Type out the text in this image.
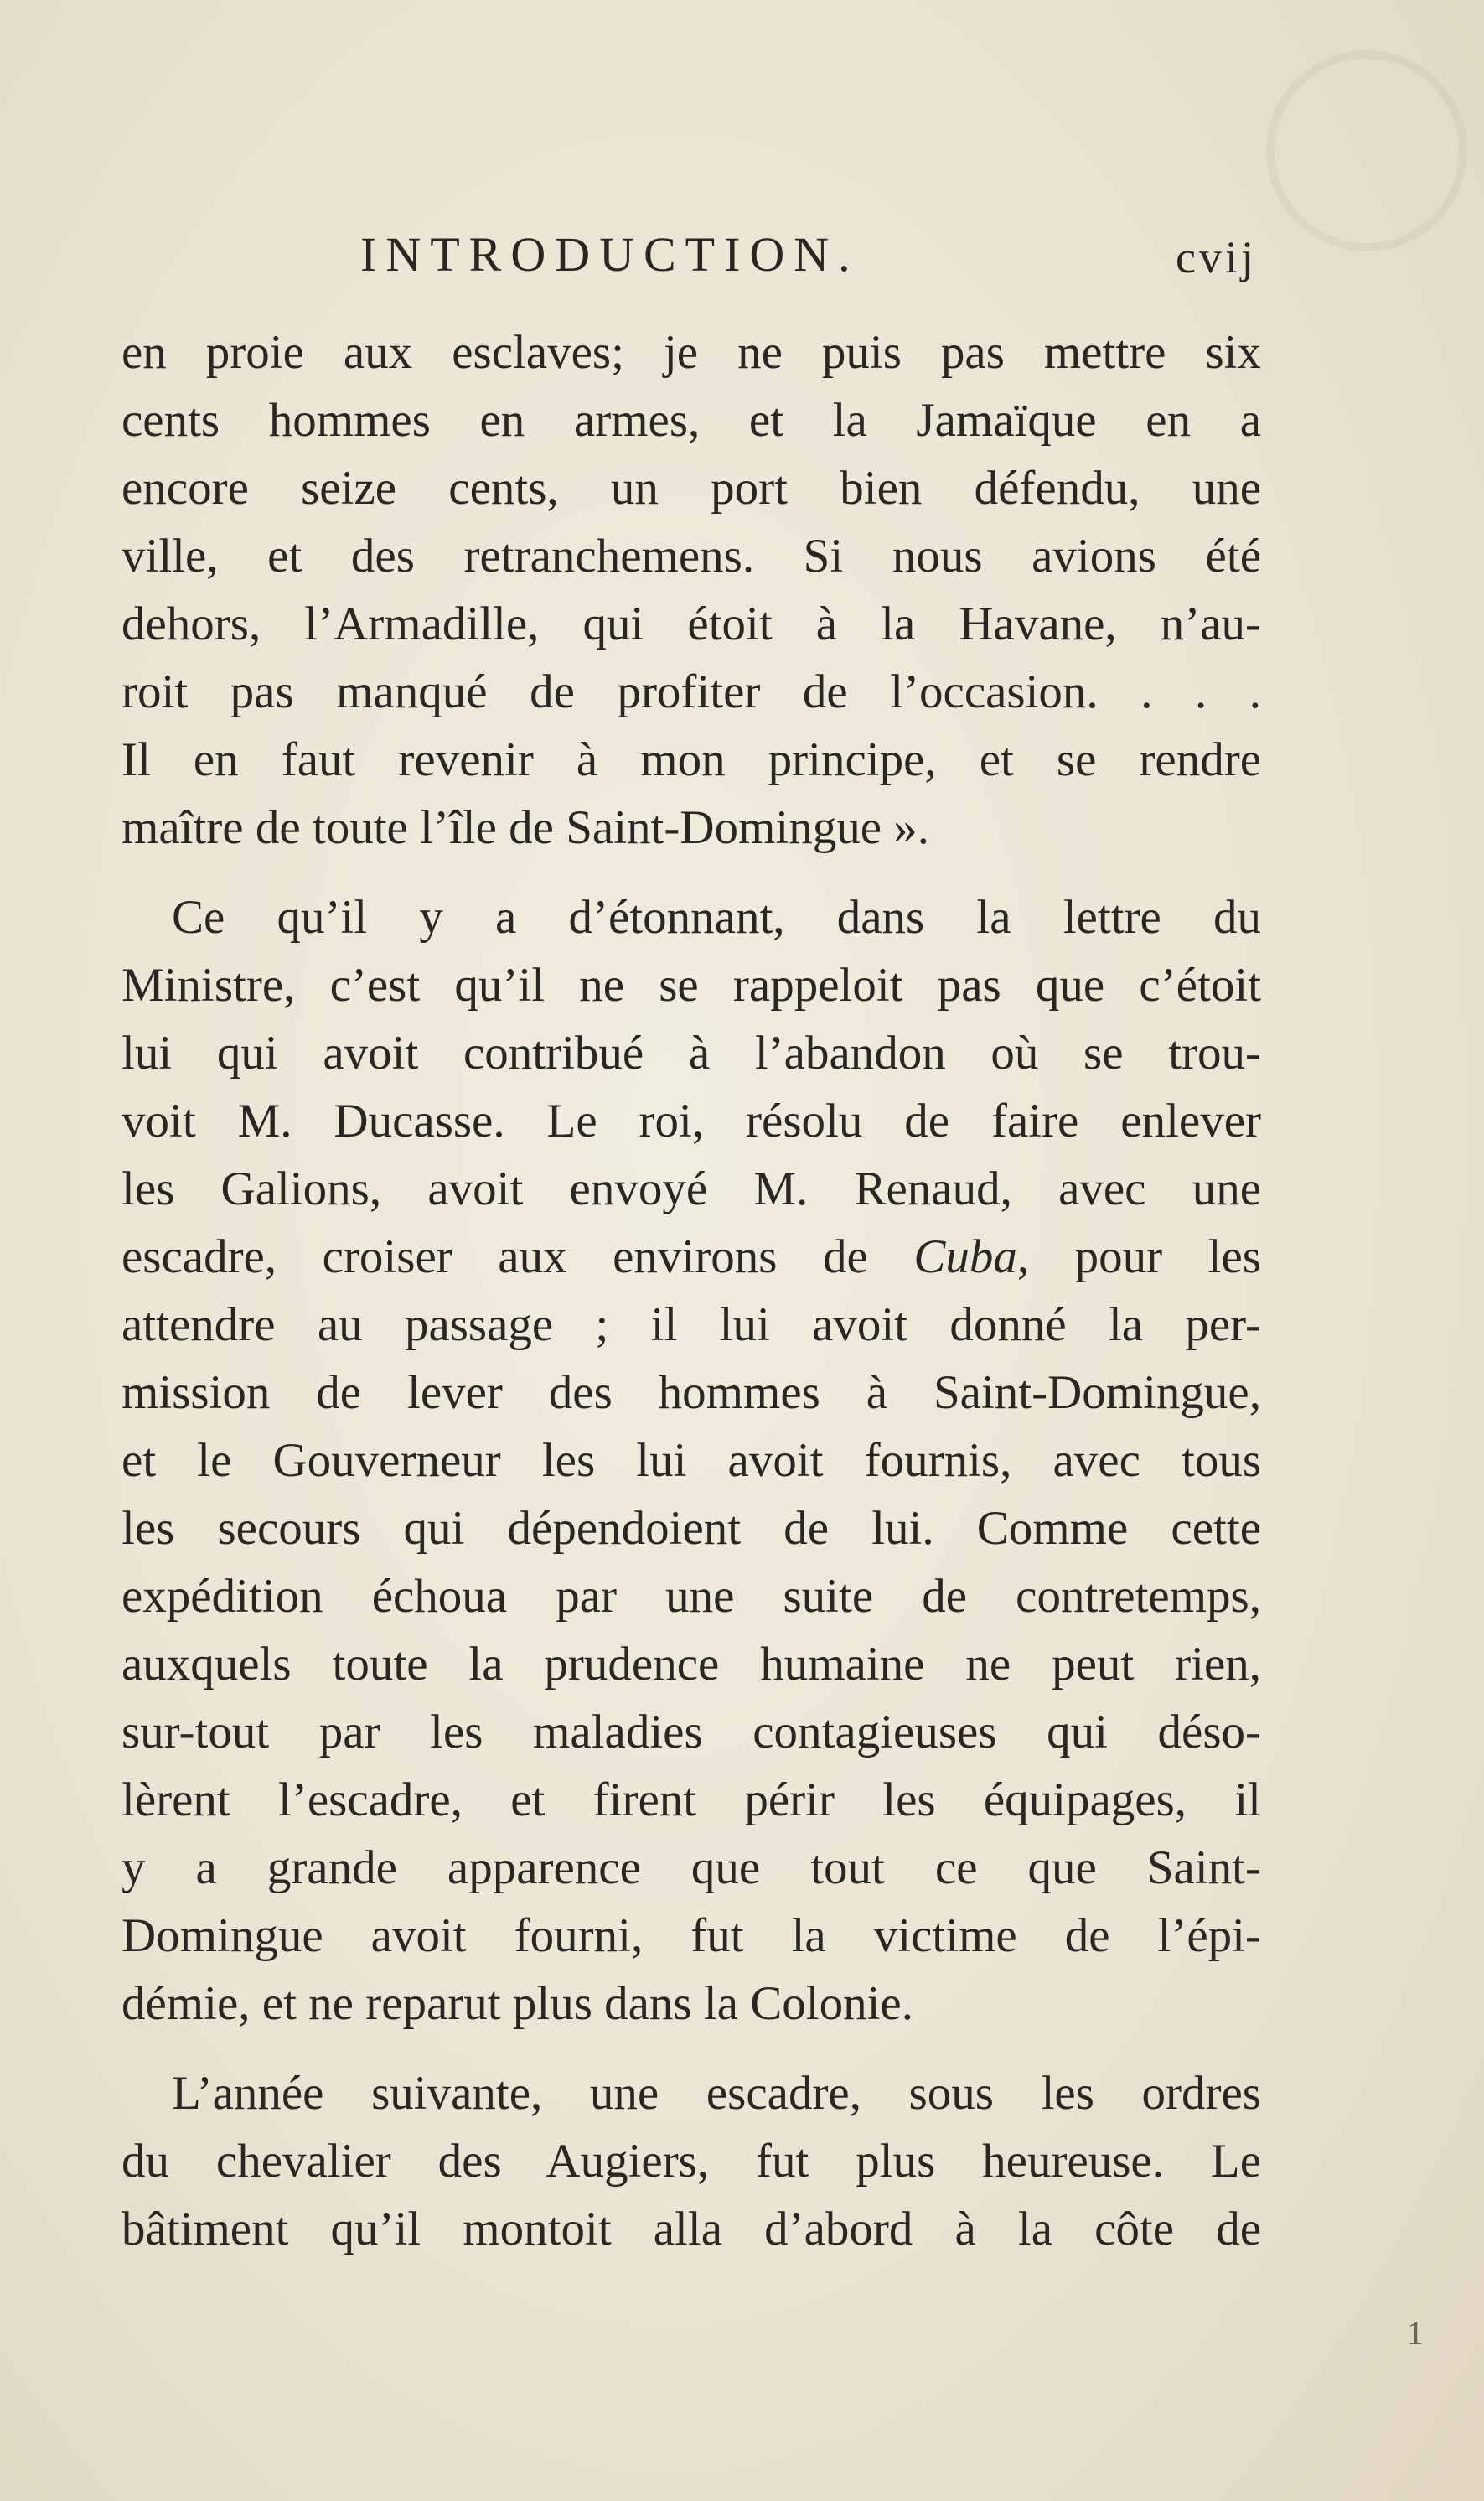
INTRODUCTION.	cvij

en proie aux esclaves; je ne puis pas mettre six
cents hommes en armes, et la Jamaïque en a
encore seize cents, un port bien défendu, une
ville, et des retranchemens. Si nous avions été
dehors, l’Armadille, qui étoit à la Havane, n’au-
roit pas manqué de profiter de l’occasion. . . .
Il en faut revenir à mon principe, et se rendre
maître de toute l’île de Saint-Domingue ».

Ce qu’il y a d’étonnant, dans la lettre du
Ministre, c’est qu’il ne se rappeloit pas que c’étoit
lui qui avoit contribué à l’abandon où se trou-
voit M. Ducasse. Le roi, résolu de faire enlever
les Galions, avoit envoyé M. Renaud, avec une
escadre, croiser aux environs de Cuba, pour les
attendre au passage ; il lui avoit donné la per-
mission de lever des hommes à Saint-Domingue,
et le Gouverneur les lui avoit fournis, avec tous
les secours qui dépendoient de lui. Comme cette
expédition échoua par une suite de contretemps,
auxquels toute la prudence humaine ne peut rien,
sur-tout par les maladies contagieuses qui déso-
lèrent l’escadre, et firent périr les équipages, il
y a grande apparence que tout ce que Saint-
Domingue avoit fourni, fut la victime de l’épi-
démie, et ne reparut plus dans la Colonie.

L’année suivante, une escadre, sous les ordres
du chevalier des Augiers, fut plus heureuse. Le
bâtiment qu’il montoit alla d’abord à la côte de

1
